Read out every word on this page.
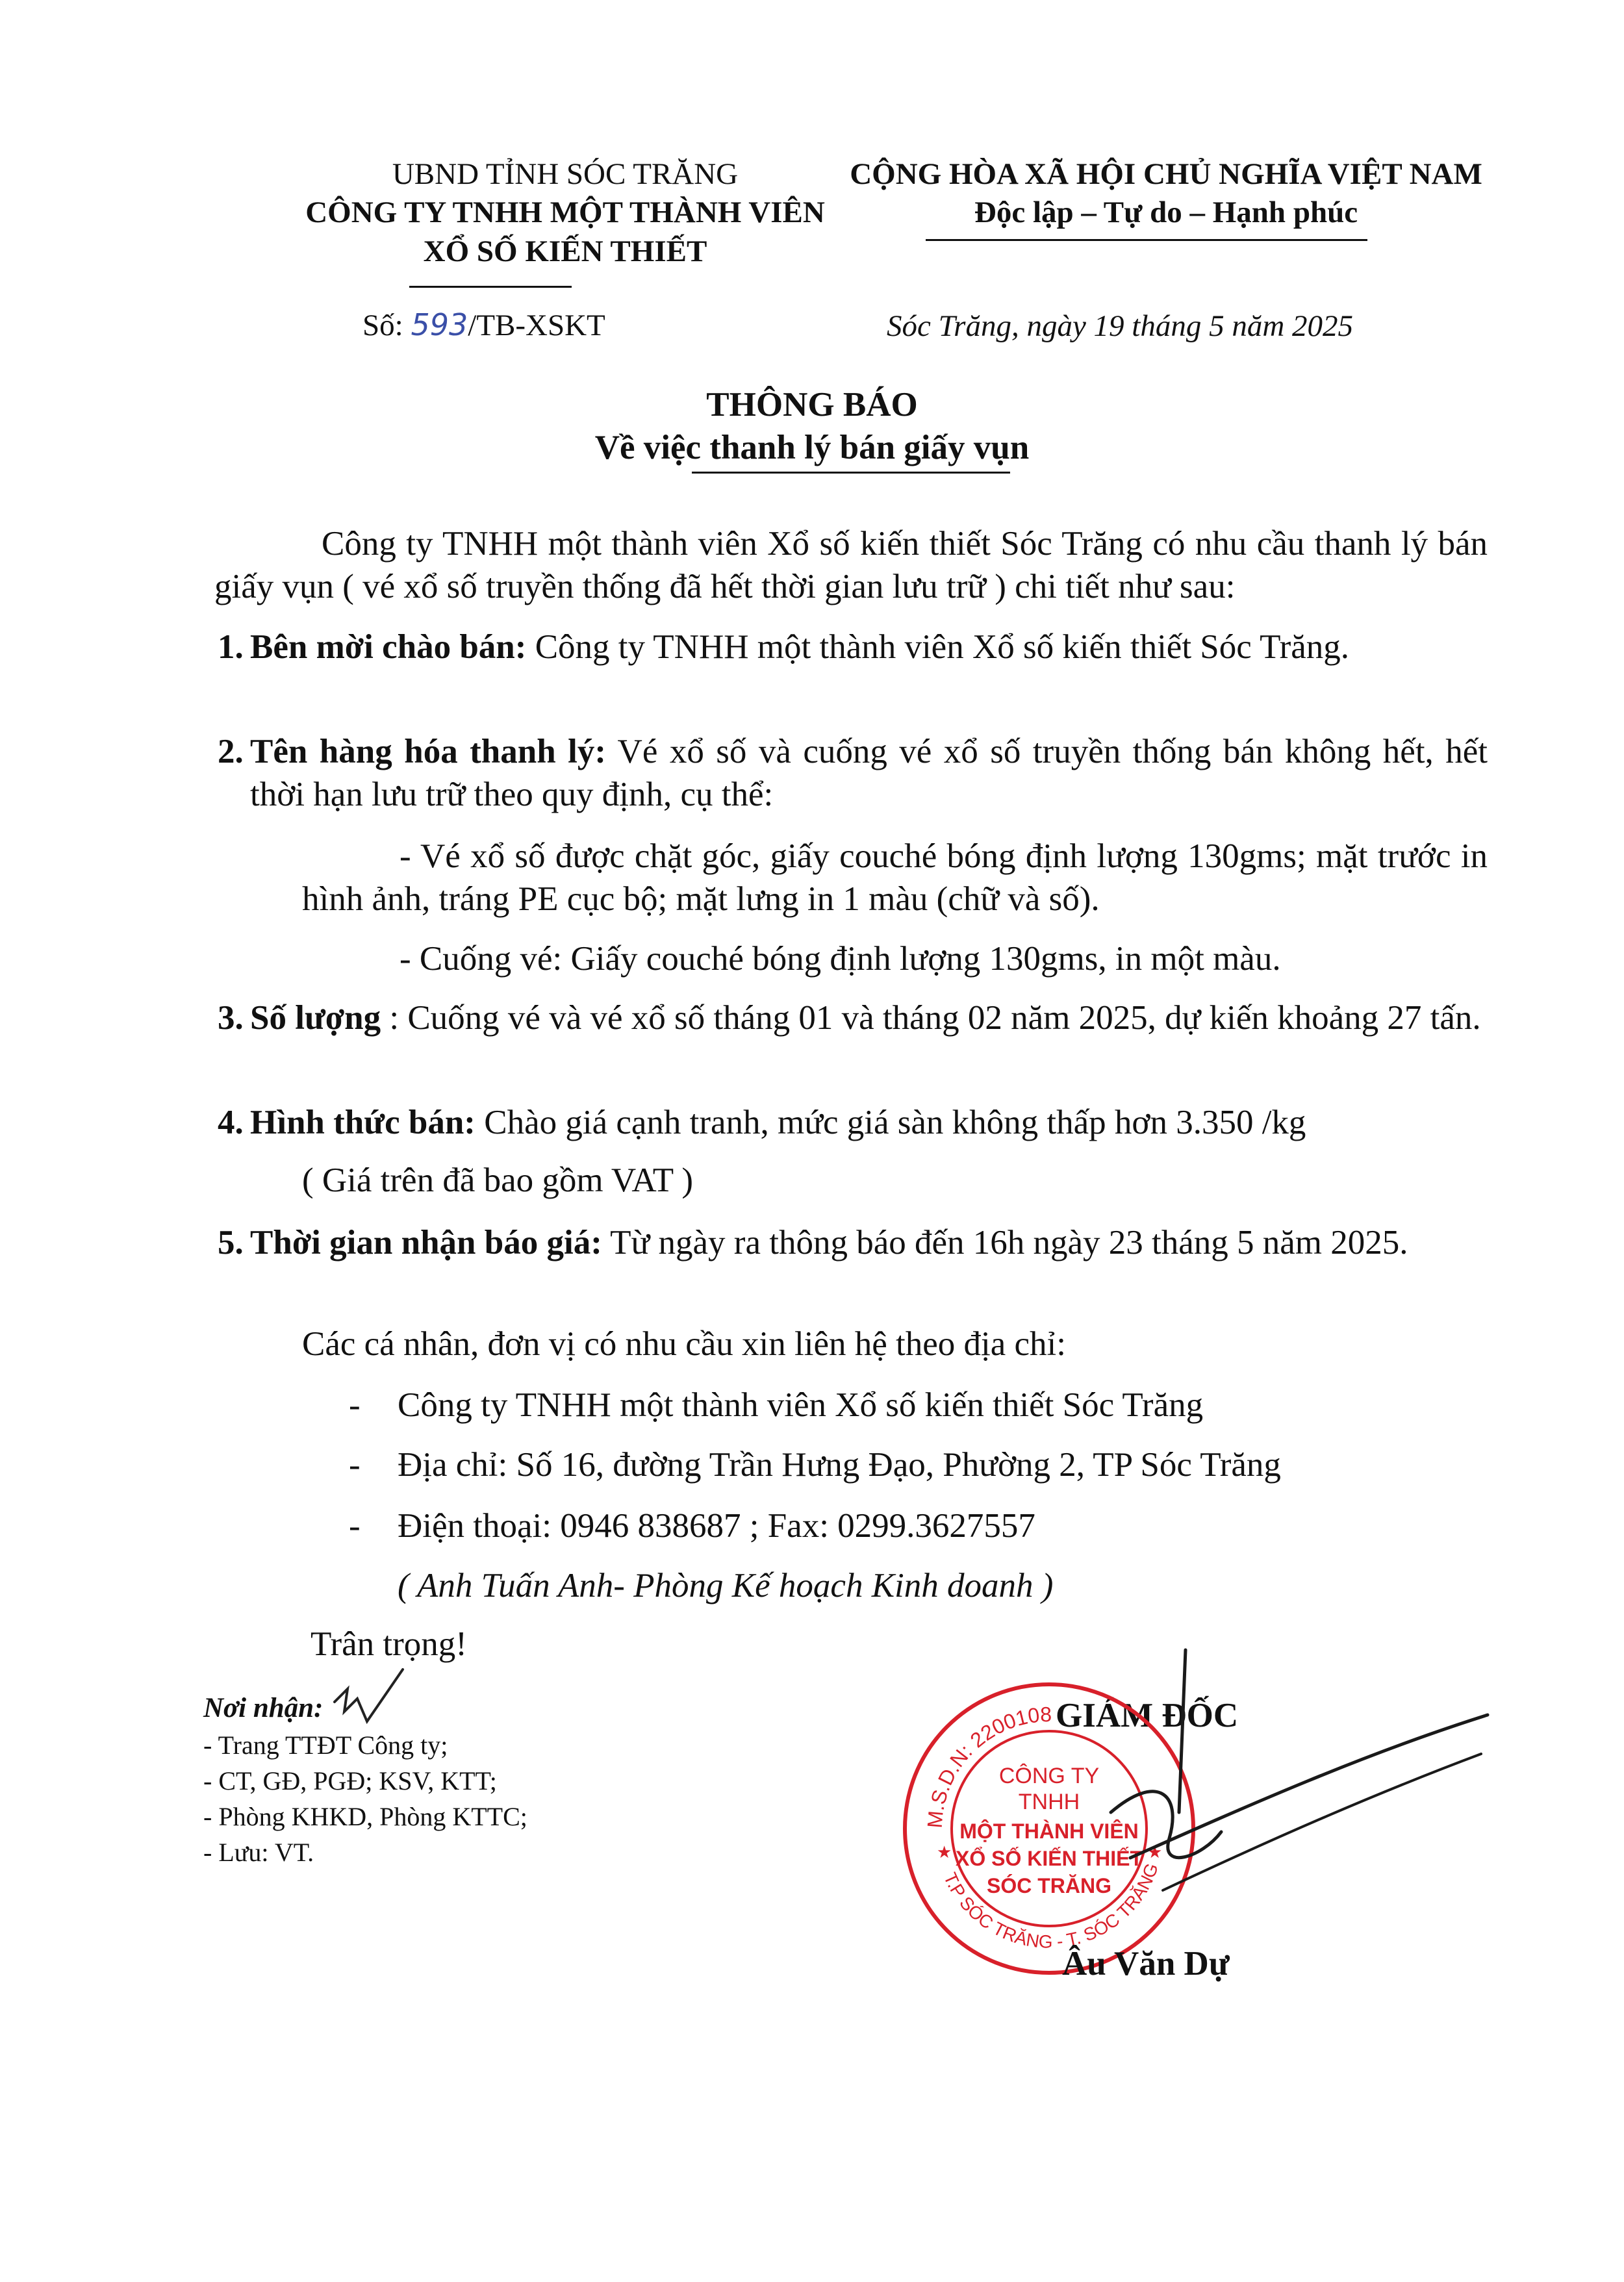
UBND TỈNH SÓC TRĂNG
CÔNG TY TNHH MỘT THÀNH VIÊN
XỔ SỐ KIẾN THIẾT
CỘNG HÒA XÃ HỘI CHỦ NGHĨA VIỆT NAM
Độc lập – Tự do – Hạnh phúc
Số: 593/TB-XSKT	Sóc Trăng, ngày 19 tháng 5 năm 2025
THÔNG BÁO
Về việc thanh lý bán giấy vụn
Công ty TNHH một thành viên Xổ số kiến thiết Sóc Trăng có nhu cầu thanh lý bán giấy vụn ( vé xổ số truyền thống đã hết thời gian lưu trữ ) chi tiết như sau:
1. Bên mời chào bán: Công ty TNHH một thành viên Xổ số kiến thiết Sóc Trăng.
2. Tên hàng hóa thanh lý: Vé xổ số và cuống vé xổ số truyền thống bán không hết, hết thời hạn lưu trữ theo quy định, cụ thể:
- Vé xổ số được chặt góc, giấy couché bóng định lượng 130gms; mặt trước in hình ảnh, tráng PE cục bộ; mặt lưng in 1 màu (chữ và số).
- Cuống vé: Giấy couché bóng định lượng 130gms, in một màu.
3. Số lượng : Cuống vé và vé xổ số tháng 01 và tháng 02 năm 2025, dự kiến khoảng 27 tấn.
4. Hình thức bán: Chào giá cạnh tranh, mức giá sàn không thấp hơn 3.350 /kg
( Giá trên đã bao gồm VAT )
5. Thời gian nhận báo giá: Từ ngày ra thông báo đến 16h ngày 23 tháng 5 năm 2025.
Các cá nhân, đơn vị có nhu cầu xin liên hệ theo địa chỉ:
- Công ty TNHH một thành viên Xổ số kiến thiết Sóc Trăng
- Địa chỉ: Số 16, đường Trần Hưng Đạo, Phường 2, TP Sóc Trăng
- Điện thoại: 0946 838687 ; Fax: 0299.3627557
( Anh Tuấn Anh- Phòng Kế hoạch Kinh doanh )
Trân trọng!
Nơi nhận:
- Trang TTĐT Công ty;
- CT, GĐ, PGĐ; KSV, KTT;
- Phòng KHKD, Phòng KTTC;
- Lưu: VT.
GIÁM ĐỐC
M.S.D.N: 2200108
T.P SÓC TRĂNG - T. SÓC TRĂNG
CÔNG TY
TNHH
MỘT THÀNH VIÊN
XỔ SỐ KIẾN THIẾT
SÓC TRĂNG
★	★
Âu Văn Dự
